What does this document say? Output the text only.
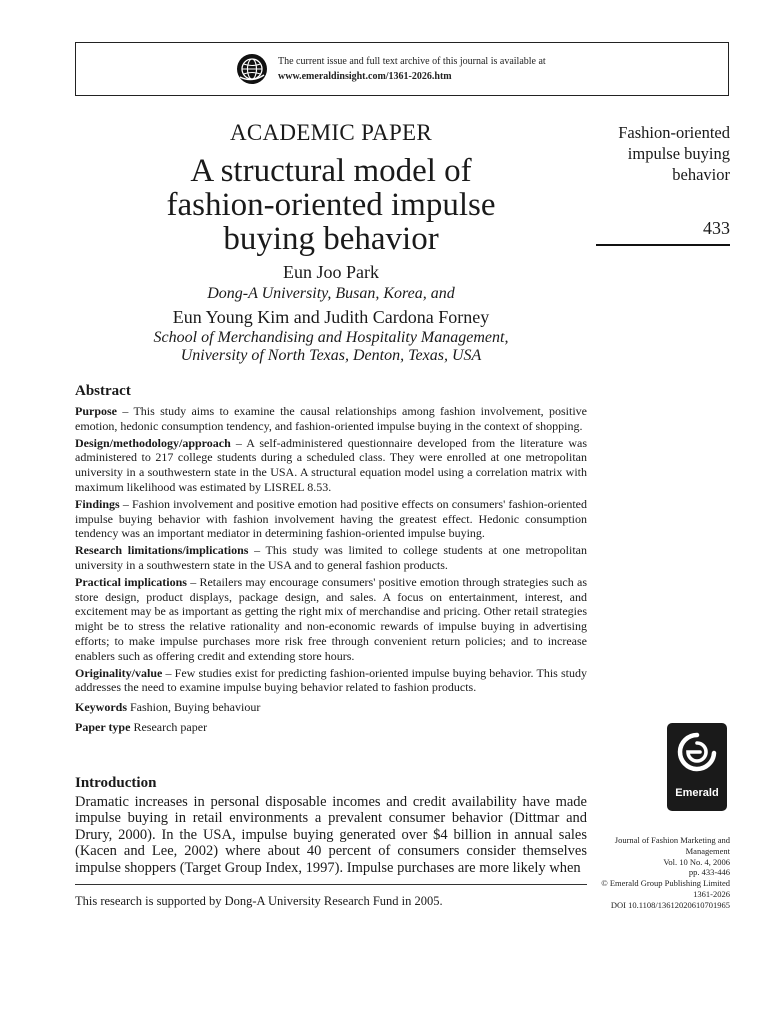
The current issue and full text archive of this journal is available at
www.emeraldinsight.com/1361-2026.htm
ACADEMIC PAPER
A structural model of
fashion-oriented impulse
buying behavior
Eun Joo Park
Dong-A University, Busan, Korea, and
Eun Young Kim and Judith Cardona Forney
School of Merchandising and Hospitality Management,
University of North Texas, Denton, Texas, USA
Fashion-oriented
impulse buying
behavior
433
Abstract

Purpose – This study aims to examine the causal relationships among fashion involvement, positive emotion, hedonic consumption tendency, and fashion-oriented impulse buying in the context of shopping.

Design/methodology/approach – A self-administered questionnaire developed from the literature was administered to 217 college students during a scheduled class. They were enrolled at one metropolitan university in a southwestern state in the USA. A structural equation model using a correlation matrix with maximum likelihood was estimated by LISREL 8.53.

Findings – Fashion involvement and positive emotion had positive effects on consumers' fashion-oriented impulse buying behavior with fashion involvement having the greatest effect. Hedonic consumption tendency was an important mediator in determining fashion-oriented impulse buying.

Research limitations/implications – This study was limited to college students at one metropolitan university in a southwestern state in the USA and to general fashion products.

Practical implications – Retailers may encourage consumers' positive emotion through strategies such as store design, product displays, package design, and sales. A focus on entertainment, interest, and excitement may be as important as getting the right mix of merchandise and pricing. Other retail strategies might be to stress the relative rationality and non-economic rewards of impulse buying in advertising efforts; to make impulse purchases more risk free through convenient return policies; and to increase enablers such as offering credit and extending store hours.

Originality/value – Few studies exist for predicting fashion-oriented impulse buying behavior. This study addresses the need to examine impulse buying behavior related to fashion products.

Keywords Fashion, Buying behaviour

Paper type Research paper

Introduction
Dramatic increases in personal disposable incomes and credit availability have made impulse buying in retail environments a prevalent consumer behavior (Dittmar and Drury, 2000). In the USA, impulse buying generated over $4 billion in annual sales (Kacen and Lee, 2002) where about 40 percent of consumers consider themselves impulse shoppers (Target Group Index, 1997). Impulse purchases are more likely when
This research is supported by Dong-A University Research Fund in 2005.
Emerald
Journal of Fashion Marketing and
Management
Vol. 10 No. 4, 2006
pp. 433-446
© Emerald Group Publishing Limited
1361-2026
DOI 10.1108/13612020610701965
